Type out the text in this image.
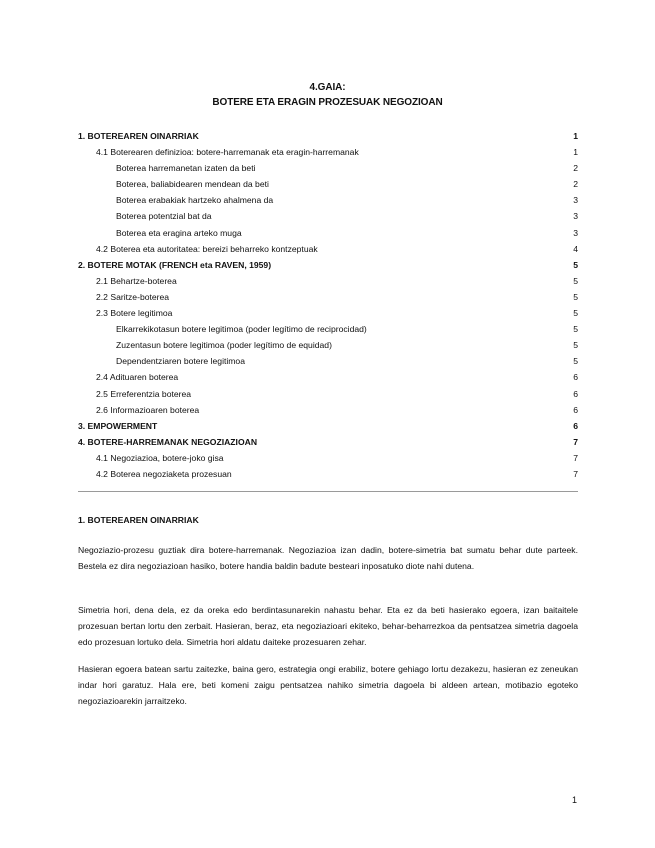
4.GAIA:
BOTERE ETA ERAGIN PROZESUAK NEGOZIOAN
1. BOTEREAREN OINARRIAK	1
4.1 Boterearen definizioa: botere-harremanak eta eragin-harremanak	1
Boterea harremanetan izaten da beti	2
Boterea, baliabidearen mendean da beti	2
Boterea erabakiak hartzeko ahalmena da	3
Boterea potentzial bat da	3
Boterea eta eragina arteko muga	3
4.2 Boterea eta autoritatea: bereizi beharreko kontzeptuak	4
2. BOTERE MOTAK (FRENCH eta RAVEN, 1959)	5
2.1 Behartze-boterea	5
2.2 Saritze-boterea	5
2.3 Botere legitimoa	5
Elkarrekikotasun botere legitimoa (poder legítimo de reciprocidad)	5
Zuzentasun botere legitimoa (poder legítimo de equidad)	5
Dependentziaren botere legitimoa	5
2.4 Adituaren boterea	6
2.5 Erreferentzia boterea	6
2.6 Informazioaren boterea	6
3. EMPOWERMENT	6
4. BOTERE-HARREMANAK NEGOZIAZIOAN	7
4.1 Negoziazioa, botere-joko gisa	7
4.2 Boterea negoziaketa prozesuan	7
1. BOTEREAREN OINARRIAK

Negoziazio-prozesu guztiak dira botere-harremanak. Negoziazioa izan dadin, botere-simetria bat sumatu behar dute parteek. Bestela ez dira negoziazioan hasiko, botere handia baldin badute besteari inposatuko diote nahi dutena.

Simetria hori, dena dela, ez da oreka edo berdintasunarekin nahastu behar. Eta ez da beti hasierako egoera, izan baitaitele prozesuan bertan lortu den zerbait. Hasieran, beraz, eta negoziazioari ekiteko, behar-beharrezkoa da pentsatzea simetria dagoela edo prozesuan lortuko dela. Simetria hori aldatu daiteke prozesuaren zehar.

Hasieran egoera batean sartu zaitezke, baina gero, estrategia ongi erabiliz, botere gehiago lortu dezakezu, hasieran ez zeneukan indar hori garatuz. Hala ere, beti komeni zaigu pentsatzea nahiko simetria dagoela bi aldeen artean, motibazio egoteko negoziazioarekin jarraitzeko.

1
